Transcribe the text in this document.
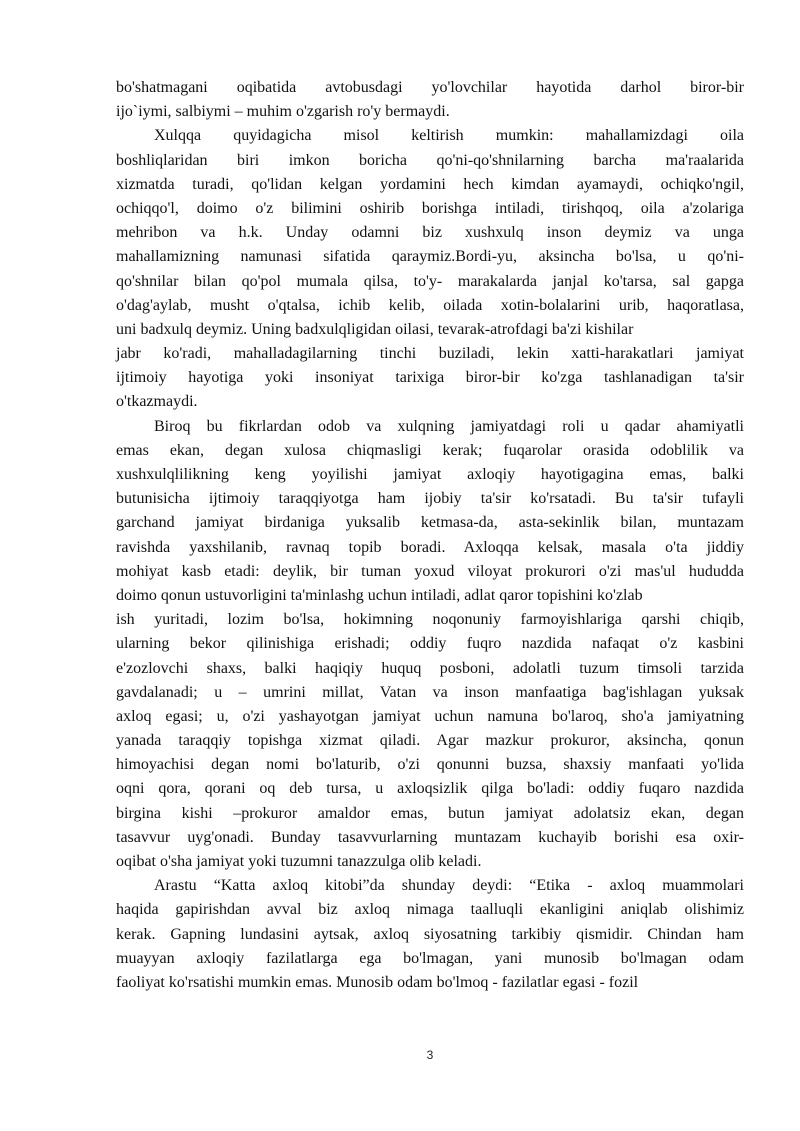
bo'shatmagani oqibatida avtobusdagi yo'lovchilar hayotida darhol biror-bir
ijo`iymi, salbiymi – muhim o'zgarish ro'y bermaydi.
Xulqqa quyidagicha misol keltirish mumkin: mahallamizdagi oila
boshliqlaridan biri imkon boricha qo'ni-qo'shnilarning barcha ma'raalarida
xizmatda turadi, qo'lidan kelgan yordamini hech kimdan ayamaydi, ochiqko'ngil,
ochiqqo'l, doimo o'z bilimini oshirib borishga intiladi, tirishqoq, oila a'zolariga
mehribon va h.k. Unday odamni biz xushxulq inson deymiz va unga
mahallamizning namunasi sifatida qaraymiz.Bordi-yu, aksincha bo'lsa, u qo'ni-
qo'shnilar bilan qo'pol mumala qilsa, to'y- marakalarda janjal ko'tarsa, sal gapga
o'dag'aylab, musht o'qtalsa, ichib kelib, oilada xotin-bolalarini urib, haqoratlasa,
uni badxulq deymiz. Uning badxulqligidan oilasi, tevarak-atrofdagi ba'zi kishilar
jabr ko'radi, mahalladagilarning tinchi buziladi, lekin xatti-harakatlari jamiyat
ijtimoiy hayotiga yoki insoniyat tarixiga biror-bir ko'zga tashlanadigan ta'sir
o'tkazmaydi.
Biroq bu fikrlardan odob va xulqning jamiyatdagi roli u qadar ahamiyatli
emas ekan, degan xulosa chiqmasligi kerak; fuqarolar orasida odoblilik va
xushxulqlilikning keng yoyilishi jamiyat axloqiy hayotigagina emas, balki
butunisicha ijtimoiy taraqqiyotga ham ijobiy ta'sir ko'rsatadi. Bu ta'sir tufayli
garchand jamiyat birdaniga yuksalib ketmasa-da, asta-sekinlik bilan, muntazam
ravishda yaxshilanib, ravnaq topib boradi. Axloqqa kelsak, masala o'ta jiddiy
mohiyat kasb etadi: deylik, bir tuman yoxud viloyat prokurori o'zi mas'ul hududda
doimo qonun ustuvorligini ta'minlashg uchun intiladi, adlat qaror topishini ko'zlab
ish yuritadi, lozim bo'lsa, hokimning noqonuniy farmoyishlariga qarshi chiqib,
ularning bekor qilinishiga erishadi; oddiy fuqro nazdida nafaqat o'z kasbini
e'zozlovchi shaxs, balki haqiqiy huquq posboni, adolatli tuzum timsoli tarzida
gavdalanadi; u – umrini millat, Vatan va inson manfaatiga bag'ishlagan yuksak
axloq egasi; u, o'zi yashayotgan jamiyat uchun namuna bo'laroq, sho'a jamiyatning
yanada taraqqiy topishga xizmat qiladi. Agar mazkur prokuror, aksincha, qonun
himoyachisi degan nomi bo'laturib, o'zi qonunni buzsa, shaxsiy manfaati yo'lida
oqni qora, qorani oq deb tursa, u axloqsizlik qilga bo'ladi: oddiy fuqaro nazdida
birgina kishi –prokuror amaldor emas, butun jamiyat adolatsiz ekan, degan
tasavvur uyg'onadi. Bunday tasavvurlarning muntazam kuchayib borishi esa oxir-
oqibat o'sha jamiyat yoki tuzumni tanazzulga olib keladi.
Arastu “Katta axloq kitobi”da shunday deydi: “Etika - axloq muammolari
haqida gapirishdan avval biz axloq nimaga taalluqli ekanligini aniqlab olishimiz
kerak. Gapning lundasini aytsak, axloq siyosatning tarkibiy qismidir. Chindan ham
muayyan axloqiy fazilatlarga ega bo'lmagan, yani munosib bo'lmagan odam
faoliyat ko'rsatishi mumkin emas. Munosib odam bo'lmoq - fazilatlar egasi - fozil
3
